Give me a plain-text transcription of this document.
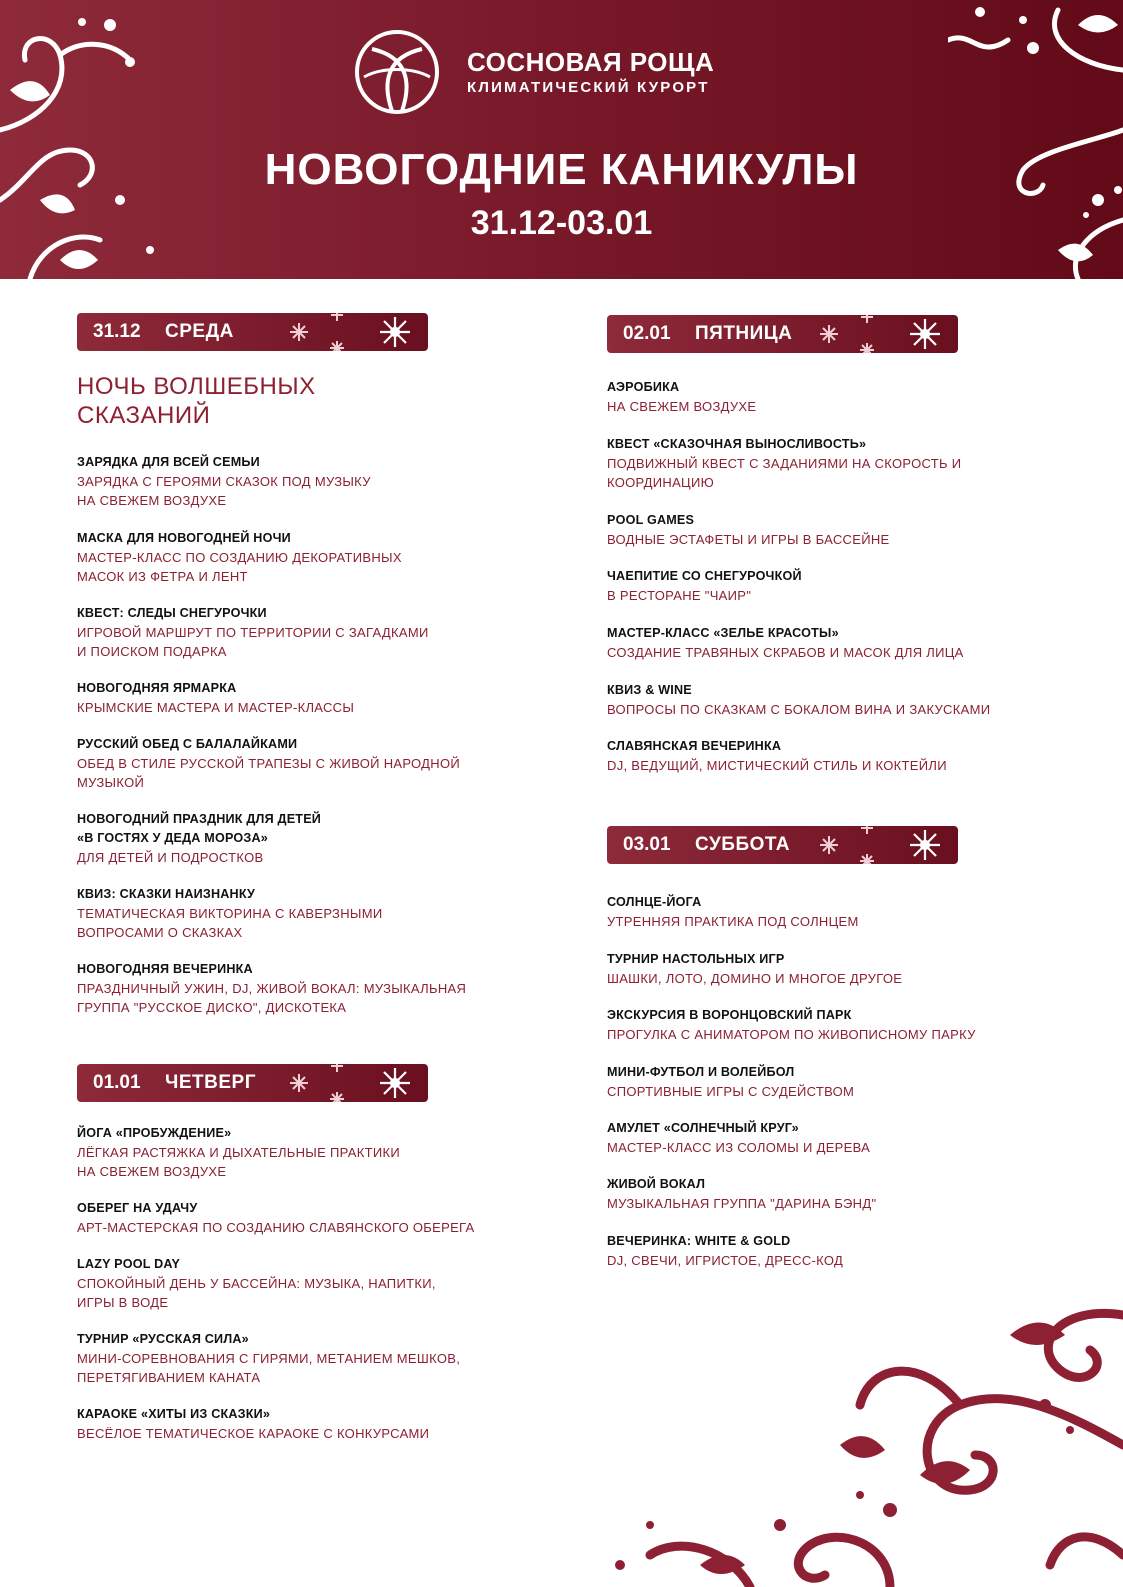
СОСНОВАЯ РОЩА
КЛИМАТИЧЕСКИЙ КУРОРТ
НОВОГОДНИЕ КАНИКУЛЫ
31.12-03.01
31.12 СРЕДА
01.01 ЧЕТВЕРГ
02.01 ПЯТНИЦА
03.01 СУББОТА
НОЧЬ ВОЛШЕБНЫХ
СКАЗАНИЙ
ЗАРЯДКА ДЛЯ ВСЕЙ СЕМЬИ
ЗАРЯДКА С ГЕРОЯМИ СКАЗОК ПОД МУЗЫКУ
НА СВЕЖЕМ ВОЗДУХЕ
МАСКА ДЛЯ НОВОГОДНЕЙ НОЧИ
МАСТЕР-КЛАСС ПО СОЗДАНИЮ ДЕКОРАТИВНЫХ
МАСОК ИЗ ФЕТРА И ЛЕНТ
КВЕСТ: СЛЕДЫ СНЕГУРОЧКИ
ИГРОВОЙ МАРШРУТ ПО ТЕРРИТОРИИ С ЗАГАДКАМИ
И ПОИСКОМ ПОДАРКА
НОВОГОДНЯЯ ЯРМАРКА
КРЫМСКИЕ МАСТЕРА И МАСТЕР-КЛАССЫ
РУССКИЙ ОБЕД С БАЛАЛАЙКАМИ
ОБЕД В СТИЛЕ РУССКОЙ ТРАПЕЗЫ С ЖИВОЙ НАРОДНОЙ
МУЗЫКОЙ
НОВОГОДНИЙ ПРАЗДНИК ДЛЯ ДЕТЕЙ
«В ГОСТЯХ У ДЕДА МОРОЗА»
ДЛЯ ДЕТЕЙ И ПОДРОСТКОВ
КВИЗ: СКАЗКИ НАИЗНАНКУ
ТЕМАТИЧЕСКАЯ ВИКТОРИНА С КАВЕРЗНЫМИ
ВОПРОСАМИ О СКАЗКАХ
НОВОГОДНЯЯ ВЕЧЕРИНКА
ПРАЗДНИЧНЫЙ УЖИН, DJ, ЖИВОЙ ВОКАЛ: МУЗЫКАЛЬНАЯ
ГРУППА "РУССКОЕ ДИСКО", ДИСКОТЕКА
ЙОГА «ПРОБУЖДЕНИЕ»
ЛЁГКАЯ РАСТЯЖКА И ДЫХАТЕЛЬНЫЕ ПРАКТИКИ
НА СВЕЖЕМ ВОЗДУХЕ
ОБЕРЕГ НА УДАЧУ
АРТ-МАСТЕРСКАЯ ПО СОЗДАНИЮ СЛАВЯНСКОГО ОБЕРЕГА
LAZY POOL DAY
СПОКОЙНЫЙ ДЕНЬ У БАССЕЙНА: МУЗЫКА, НАПИТКИ,
ИГРЫ В ВОДЕ
ТУРНИР «РУССКАЯ СИЛА»
МИНИ-СОРЕВНОВАНИЯ С ГИРЯМИ, МЕТАНИЕМ МЕШКОВ,
ПЕРЕТЯГИВАНИЕМ КАНАТА
КАРАОКЕ «ХИТЫ ИЗ СКАЗКИ»
ВЕСЁЛОЕ ТЕМАТИЧЕСКОЕ КАРАОКЕ С КОНКУРСАМИ
АЭРОБИКА
НА СВЕЖЕМ ВОЗДУХЕ
КВЕСТ «СКАЗОЧНАЯ ВЫНОСЛИВОСТЬ»
ПОДВИЖНЫЙ КВЕСТ С ЗАДАНИЯМИ НА СКОРОСТЬ И
КООРДИНАЦИЮ
POOL GAMES
ВОДНЫЕ ЭСТАФЕТЫ И ИГРЫ В БАССЕЙНЕ
ЧАЕПИТИЕ СО СНЕГУРОЧКОЙ
В РЕСТОРАНЕ "ЧАИР"
МАСТЕР-КЛАСС «ЗЕЛЬЕ КРАСОТЫ»
СОЗДАНИЕ ТРАВЯНЫХ СКРАБОВ И МАСОК ДЛЯ ЛИЦА
КВИЗ & WINE
ВОПРОСЫ ПО СКАЗКАМ С БОКАЛОМ ВИНА И ЗАКУСКАМИ
СЛАВЯНСКАЯ ВЕЧЕРИНКА
DJ, ВЕДУЩИЙ, МИСТИЧЕСКИЙ СТИЛЬ И КОКТЕЙЛИ
СОЛНЦЕ-ЙОГА
УТРЕННЯЯ ПРАКТИКА ПОД СОЛНЦЕМ
ТУРНИР НАСТОЛЬНЫХ ИГР
ШАШКИ, ЛОТО, ДОМИНО И МНОГОЕ ДРУГОЕ
ЭКСКУРСИЯ В ВОРОНЦОВСКИЙ ПАРК
ПРОГУЛКА С АНИМАТОРОМ ПО ЖИВОПИСНОМУ ПАРКУ
МИНИ-ФУТБОЛ И ВОЛЕЙБОЛ
СПОРТИВНЫЕ ИГРЫ С СУДЕЙСТВОМ
АМУЛЕТ «СОЛНЕЧНЫЙ КРУГ»
МАСТЕР-КЛАСС ИЗ СОЛОМЫ И ДЕРЕВА
ЖИВОЙ ВОКАЛ
МУЗЫКАЛЬНАЯ ГРУППА "ДАРИНА БЭНД"
ВЕЧЕРИНКА: WHITE & GOLD
DJ, СВЕЧИ, ИГРИСТОЕ, ДРЕСС-КОД
